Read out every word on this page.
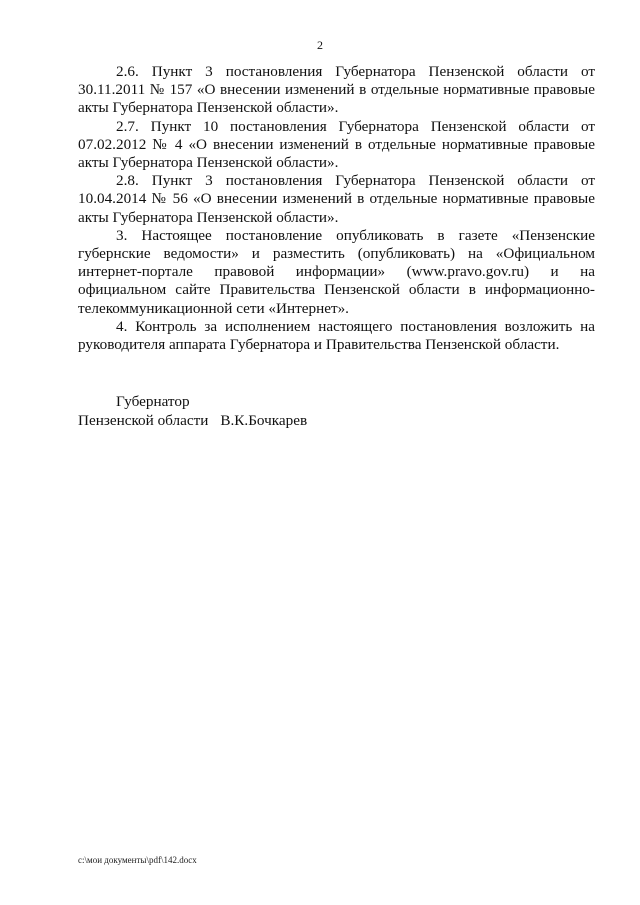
2

2.6. Пункт 3 постановления Губернатора Пензенской области от 30.11.2011 № 157 «О внесении изменений в отдельные нормативные правовые акты Губернатора Пензенской области».

2.7. Пункт 10 постановления Губернатора Пензенской области от 07.02.2012 № 4 «О внесении изменений в отдельные нормативные правовые акты Губернатора Пензенской области».

2.8. Пункт 3 постановления Губернатора Пензенской области от 10.04.2014 № 56 «О внесении изменений в отдельные нормативные правовые акты Губернатора Пензенской области».

3. Настоящее постановление опубликовать в газете «Пензенские губернские ведомости» и разместить (опубликовать) на «Официальном интернет-портале правовой информации» (www.pravo.gov.ru) и на официальном сайте Правительства Пензенской области в информационно-телекоммуникационной сети «Интернет».

4. Контроль за исполнением настоящего постановления возложить на руководителя аппарата Губернатора и Правительства Пензенской области.

Губернатор
Пензенской области В.К.Бочкарев
c:\мои документы\pdf\142.docx
